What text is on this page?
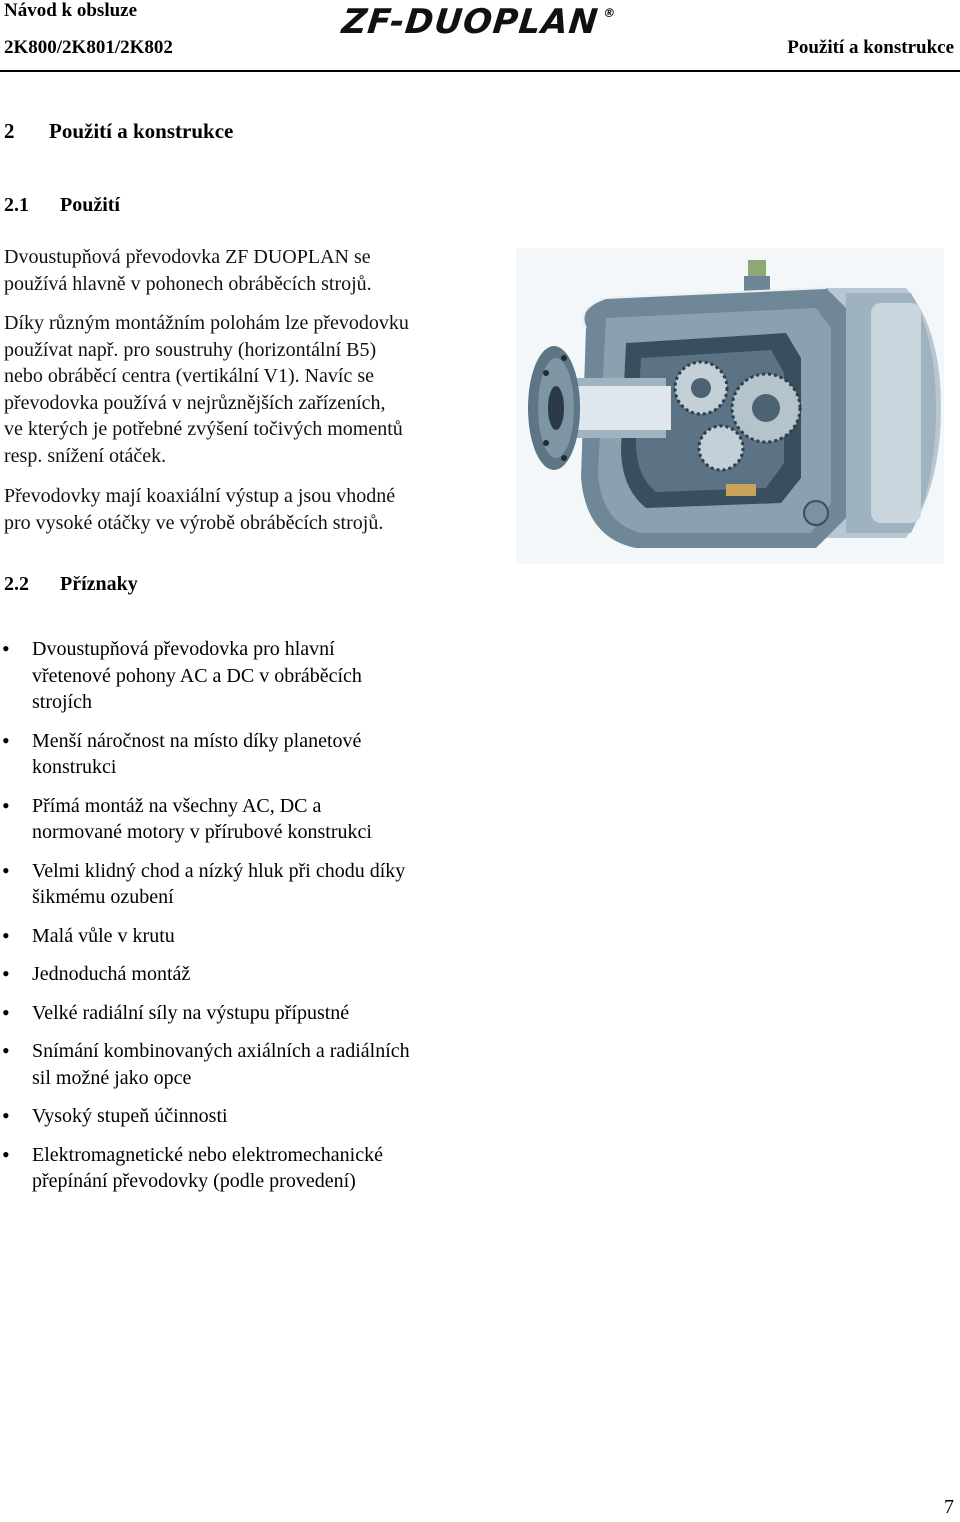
Návod k obsluze
2K800/2K801/2K802
ZF-DUOPLAN ®
Použití a konstrukce
2 Použití a konstrukce
2.1 Použití
Dvoustupňová převodovka ZF DUOPLAN se
používá hlavně v pohonech obráběcích strojů.
Díky různým montážním polohám lze převodovku
používat např. pro soustruhy (horizontální B5)
nebo obráběcí centra (vertikální V1). Navíc se
převodovka používá v nejrůznějších zařízeních,
ve kterých je potřebné zvýšení točivých momentů
resp. snížení otáček.
Převodovky mají koaxiální výstup a jsou vhodné
pro vysoké otáčky ve výrobě obráběcích strojů.
2.2 Příznaky
• Dvoustupňová převodovka pro hlavní
vřetenové pohony AC a DC v obráběcích
strojích
• Menší náročnost na místo díky planetové
konstrukci
• Přímá montáž na všechny AC, DC a
normované motory v přírubové konstrukci
• Velmi klidný chod a nízký hluk při chodu díky
šikmému ozubení
• Malá vůle v krutu
• Jednoduchá montáž
• Velké radiální síly na výstupu přípustné
• Snímání kombinovaných axiálních a radiálních
sil možné jako opce
• Vysoký stupeň účinnosti
• Elektromagnetické nebo elektromechanické
přepínání převodovky (podle provedení)
7
